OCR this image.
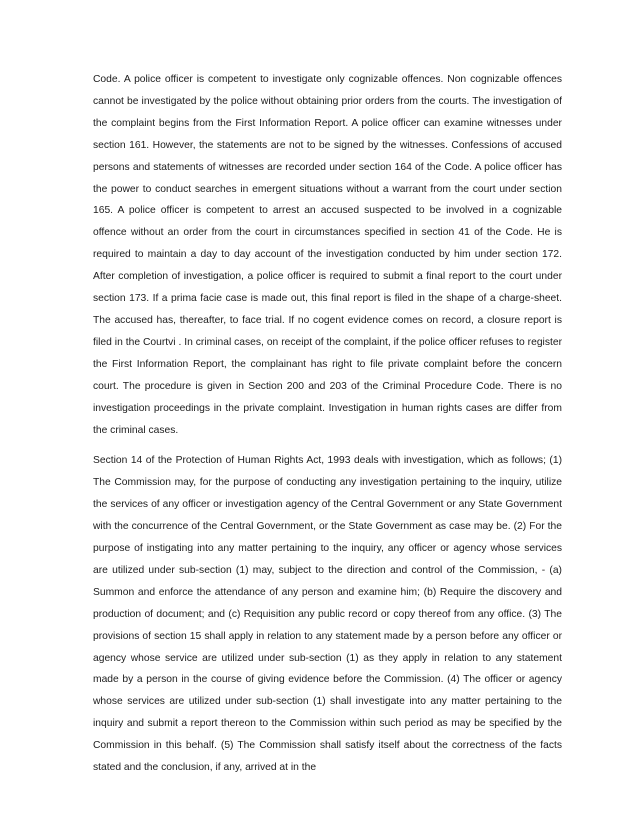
Code. A police officer is competent to investigate only cognizable offences. Non cognizable offences cannot be investigated by the police without obtaining prior orders from the courts. The investigation of the complaint begins from the First Information Report. A police officer can examine witnesses under section 161. However, the statements are not to be signed by the witnesses. Confessions of accused persons and statements of witnesses are recorded under section 164 of the Code. A police officer has the power to conduct searches in emergent situations without a warrant from the court under section 165. A police officer is competent to arrest an accused suspected to be involved in a cognizable offence without an order from the court in circumstances specified in section 41 of the Code. He is required to maintain a day to day account of the investigation conducted by him under section 172. After completion of investigation, a police officer is required to submit a final report to the court under section 173. If a prima facie case is made out, this final report is filed in the shape of a charge-sheet. The accused has, thereafter, to face trial. If no cogent evidence comes on record, a closure report is filed in the Courtvi . In criminal cases, on receipt of the complaint, if the police officer refuses to register the First Information Report, the complainant has right to file private complaint before the concern court. The procedure is given in Section 200 and 203 of the Criminal Procedure Code. There is no investigation proceedings in the private complaint. Investigation in human rights cases are differ from the criminal cases.

Section 14 of the Protection of Human Rights Act, 1993 deals with investigation, which as follows; (1) The Commission may, for the purpose of conducting any investigation pertaining to the inquiry, utilize the services of any officer or investigation agency of the Central Government or any State Government with the concurrence of the Central Government, or the State Government as case may be. (2) For the purpose of instigating into any matter pertaining to the inquiry, any officer or agency whose services are utilized under sub-section (1) may, subject to the direction and control of the Commission, - (a) Summon and enforce the attendance of any person and examine him; (b) Require the discovery and production of document; and (c) Requisition any public record or copy thereof from any office. (3) The provisions of section 15 shall apply in relation to any statement made by a person before any officer or agency whose service are utilized under sub-section (1) as they apply in relation to any statement made by a person in the course of giving evidence before the Commission. (4) The officer or agency whose services are utilized under sub-section (1) shall investigate into any matter pertaining to the inquiry and submit a report thereon to the Commission within such period as may be specified by the Commission in this behalf. (5) The Commission shall satisfy itself about the correctness of the facts stated and the conclusion, if any, arrived at in the
